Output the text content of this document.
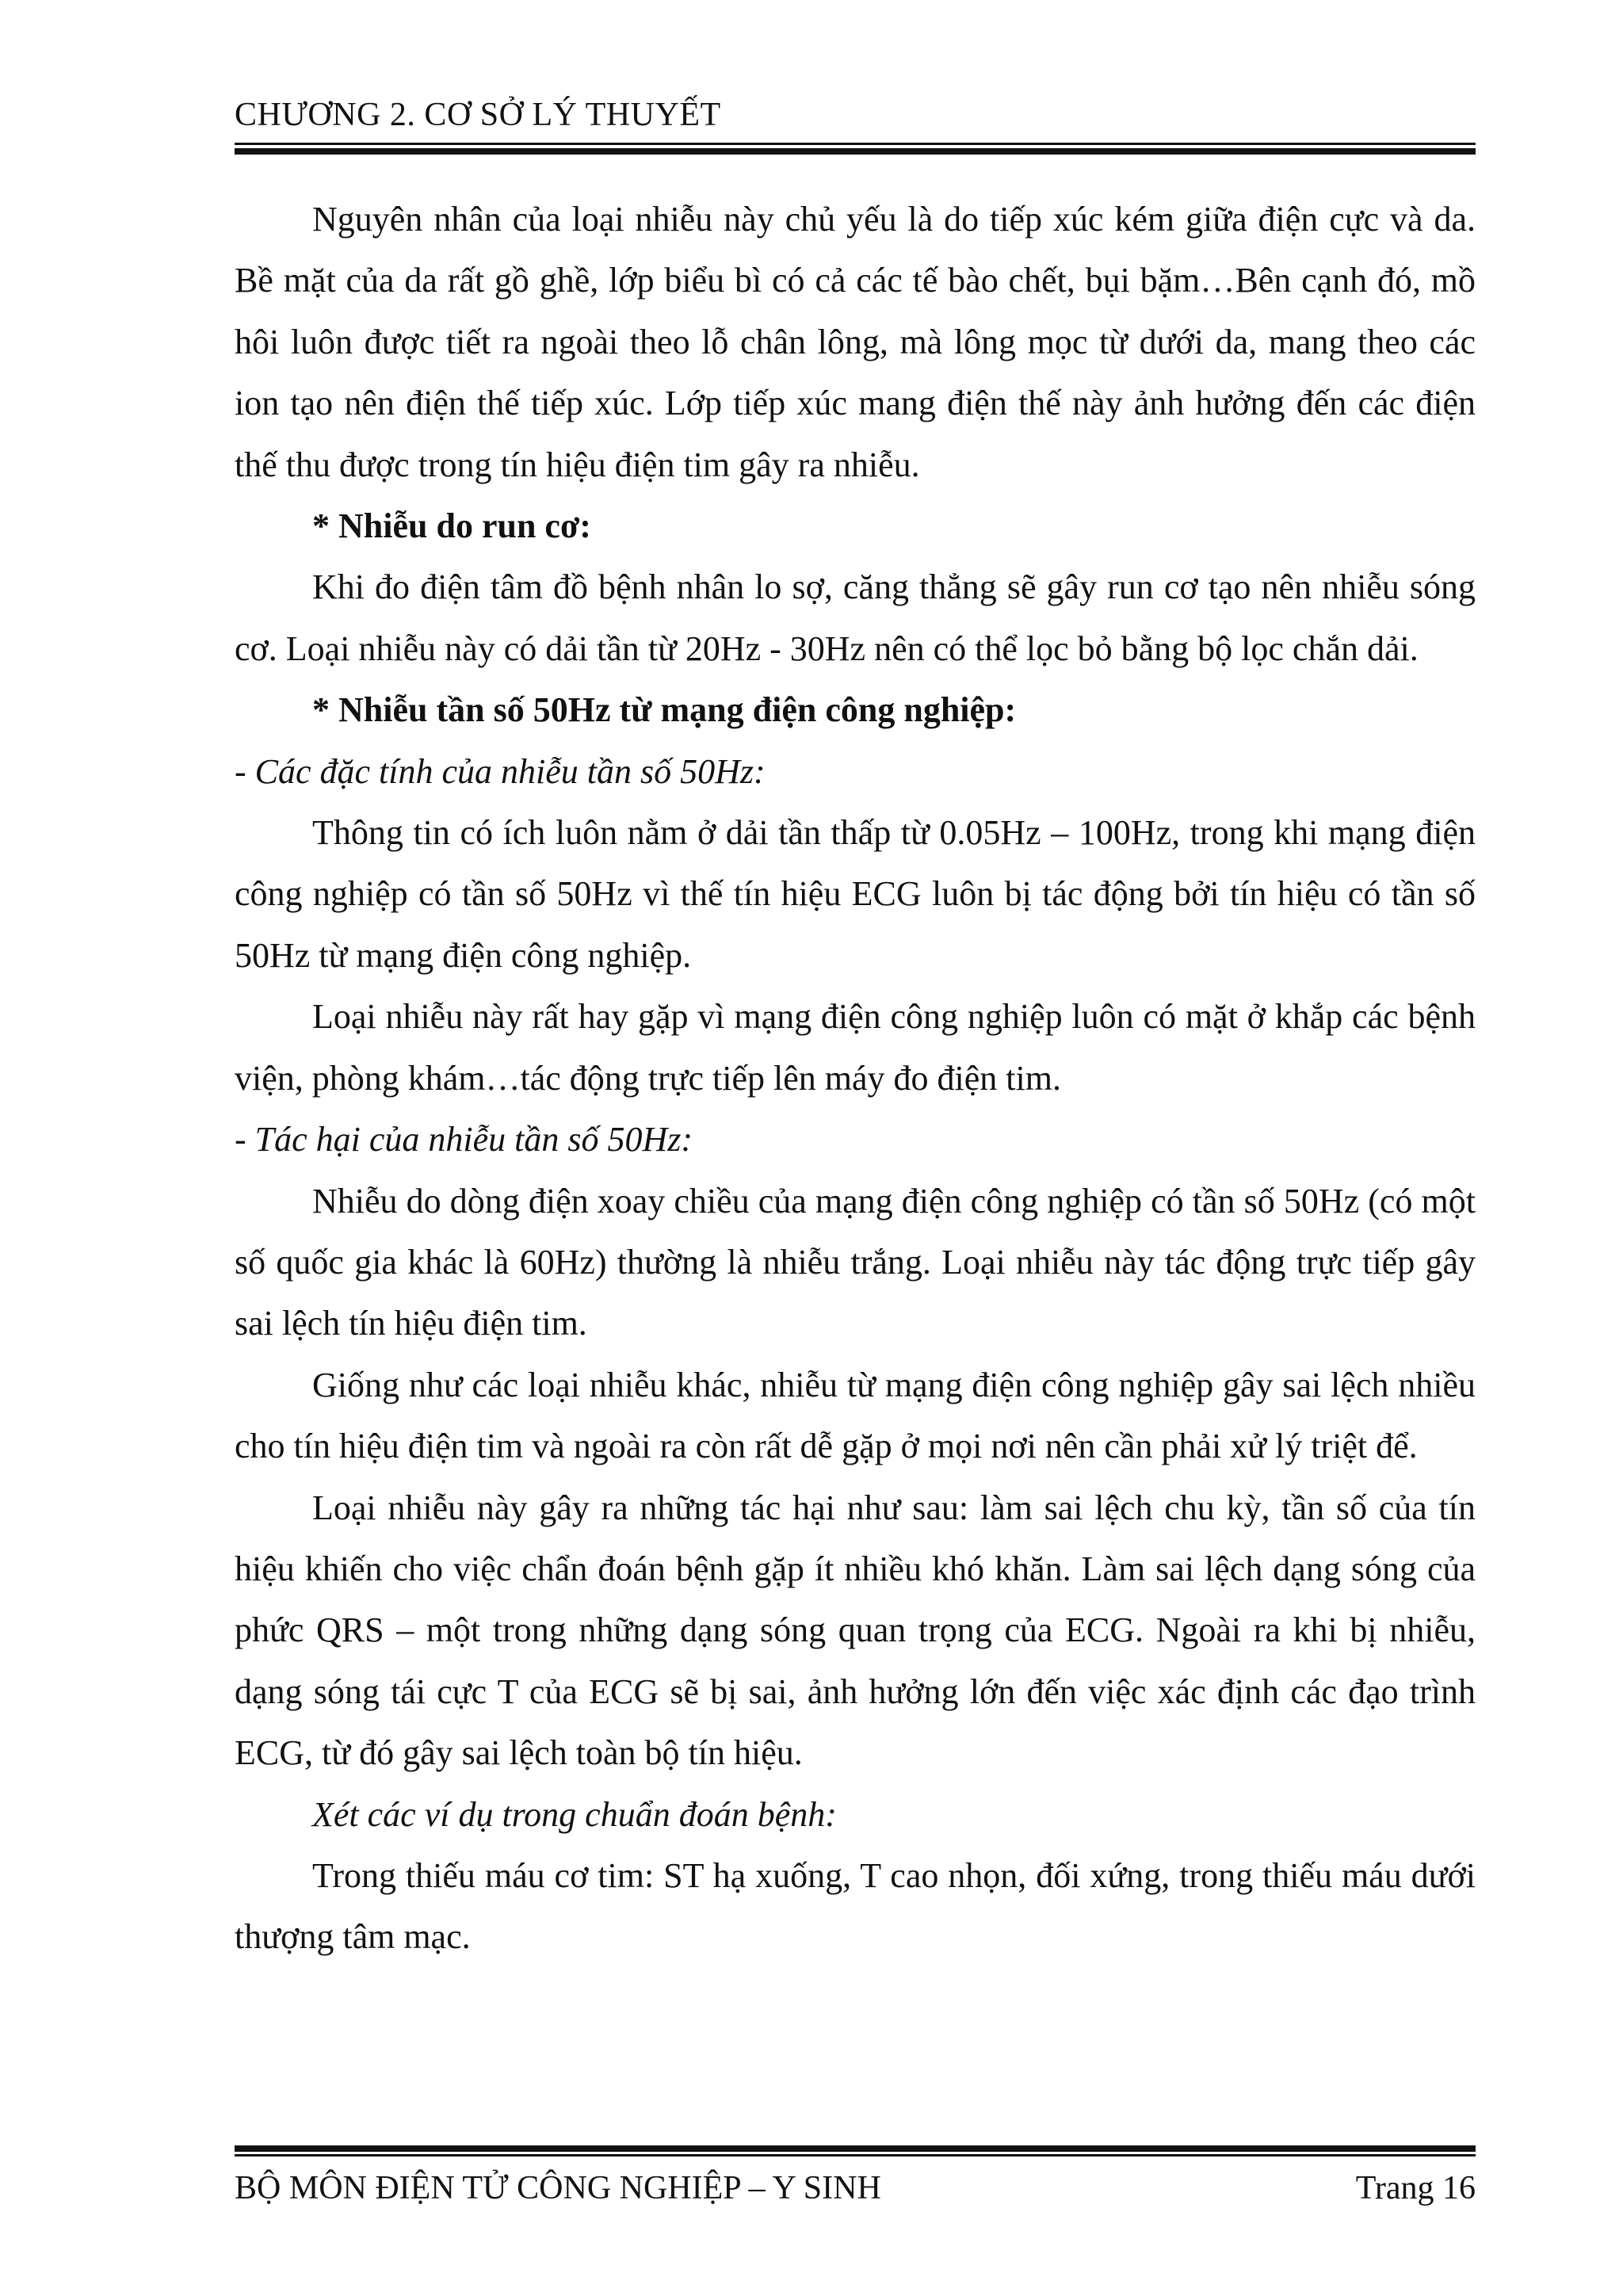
CHƯƠNG 2. CƠ SỞ LÝ THUYẾT

Nguyên nhân của loại nhiễu này chủ yếu là do tiếp xúc kém giữa điện cực và da. Bề mặt của da rất gồ ghề, lớp biểu bì có cả các tế bào chết, bụi bặm…Bên cạnh đó, mồ hôi luôn được tiết ra ngoài theo lỗ chân lông, mà lông mọc từ dưới da, mang theo các ion tạo nên điện thế tiếp xúc. Lớp tiếp xúc mang điện thế này ảnh hưởng đến các điện thế thu được trong tín hiệu điện tim gây ra nhiễu.

* Nhiễu do run cơ:

Khi đo điện tâm đồ bệnh nhân lo sợ, căng thẳng sẽ gây run cơ tạo nên nhiễu sóng cơ. Loại nhiễu này có dải tần từ 20Hz - 30Hz nên có thể lọc bỏ bằng bộ lọc chắn dải.

* Nhiễu tần số 50Hz từ mạng điện công nghiệp:

- Các đặc tính của nhiễu tần số 50Hz:

Thông tin có ích luôn nằm ở dải tần thấp từ 0.05Hz – 100Hz, trong khi mạng điện công nghiệp có tần số 50Hz vì thế tín hiệu ECG luôn bị tác động bởi tín hiệu có tần số 50Hz từ mạng điện công nghiệp.

Loại nhiễu này rất hay gặp vì mạng điện công nghiệp luôn có mặt ở khắp các bệnh viện, phòng khám…tác động trực tiếp lên máy đo điện tim.

- Tác hại của nhiễu tần số 50Hz:

Nhiễu do dòng điện xoay chiều của mạng điện công nghiệp có tần số 50Hz (có một số quốc gia khác là 60Hz) thường là nhiễu trắng. Loại nhiễu này tác động trực tiếp gây sai lệch tín hiệu điện tim.

Giống như các loại nhiễu khác, nhiễu từ mạng điện công nghiệp gây sai lệch nhiều cho tín hiệu điện tim và ngoài ra còn rất dễ gặp ở mọi nơi nên cần phải xử lý triệt để.

Loại nhiễu này gây ra những tác hại như sau: làm sai lệch chu kỳ, tần số của tín hiệu khiến cho việc chẩn đoán bệnh gặp ít nhiều khó khăn. Làm sai lệch dạng sóng của phức QRS – một trong những dạng sóng quan trọng của ECG. Ngoài ra khi bị nhiễu, dạng sóng tái cực T của ECG sẽ bị sai, ảnh hưởng lớn đến việc xác định các đạo trình ECG, từ đó gây sai lệch toàn bộ tín hiệu.

Xét các ví dụ trong chuẩn đoán bệnh:

Trong thiếu máu cơ tim: ST hạ xuống, T cao nhọn, đối xứng, trong thiếu máu dưới thượng tâm mạc.

BỘ MÔN ĐIỆN TỬ CÔNG NGHIỆP – Y SINH	Trang 16
